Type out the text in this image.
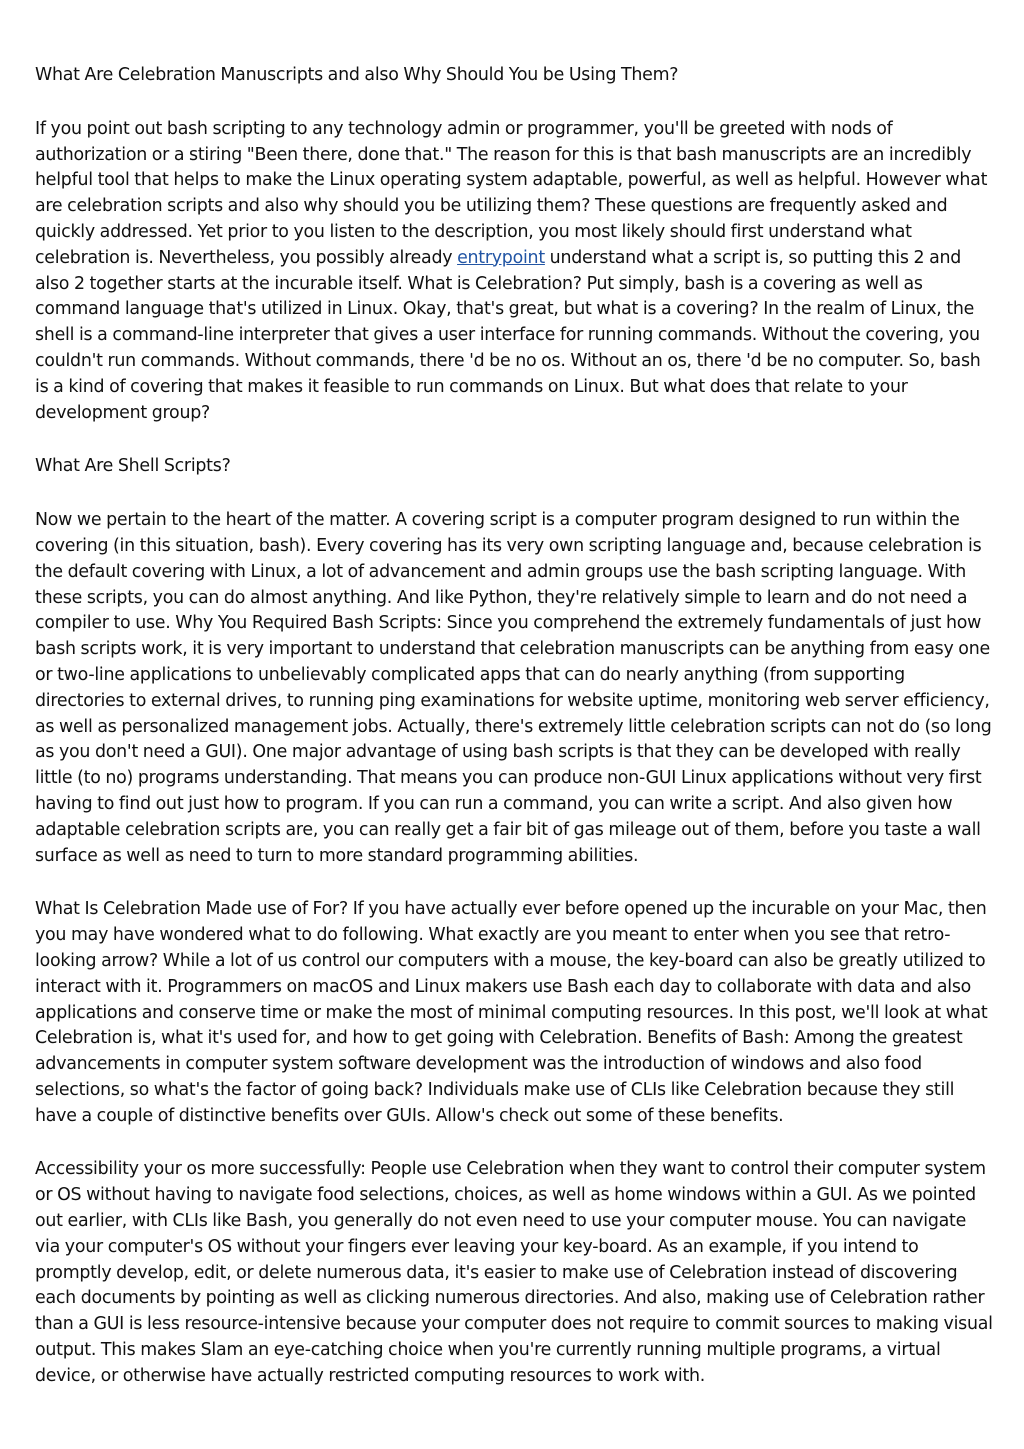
What Are Celebration Manuscripts and also Why Should You be Using Them?

If you point out bash scripting to any technology admin or programmer, you'll be greeted with nods of authorization or a stiring "Been there, done that." The reason for this is that bash manuscripts are an incredibly helpful tool that helps to make the Linux operating system adaptable, powerful, as well as helpful. However what are celebration scripts and also why should you be utilizing them? These questions are frequently asked and quickly addressed. Yet prior to you listen to the description, you most likely should first understand what celebration is. Nevertheless, you possibly already entrypoint understand what a script is, so putting this 2 and also 2 together starts at the incurable itself. What is Celebration? Put simply, bash is a covering as well as command language that's utilized in Linux. Okay, that's great, but what is a covering? In the realm of Linux, the shell is a command-line interpreter that gives a user interface for running commands. Without the covering, you couldn't run commands. Without commands, there 'd be no os. Without an os, there 'd be no computer. So, bash is a kind of covering that makes it feasible to run commands on Linux. But what does that relate to your development group?

What Are Shell Scripts?

Now we pertain to the heart of the matter. A covering script is a computer program designed to run within the covering (in this situation, bash). Every covering has its very own scripting language and, because celebration is the default covering with Linux, a lot of advancement and admin groups use the bash scripting language. With these scripts, you can do almost anything. And like Python, they're relatively simple to learn and do not need a compiler to use. Why You Required Bash Scripts: Since you comprehend the extremely fundamentals of just how bash scripts work, it is very important to understand that celebration manuscripts can be anything from easy one or two-line applications to unbelievably complicated apps that can do nearly anything (from supporting directories to external drives, to running ping examinations for website uptime, monitoring web server efficiency, as well as personalized management jobs. Actually, there's extremely little celebration scripts can not do (so long as you don't need a GUI). One major advantage of using bash scripts is that they can be developed with really little (to no) programs understanding. That means you can produce non-GUI Linux applications without very first having to find out just how to program. If you can run a command, you can write a script. And also given how adaptable celebration scripts are, you can really get a fair bit of gas mileage out of them, before you taste a wall surface as well as need to turn to more standard programming abilities.

What Is Celebration Made use of For? If you have actually ever before opened up the incurable on your Mac, then you may have wondered what to do following. What exactly are you meant to enter when you see that retro-looking arrow? While a lot of us control our computers with a mouse, the key-board can also be greatly utilized to interact with it. Programmers on macOS and Linux makers use Bash each day to collaborate with data and also applications and conserve time or make the most of minimal computing resources. In this post, we'll look at what Celebration is, what it's used for, and how to get going with Celebration. Benefits of Bash: Among the greatest advancements in computer system software development was the introduction of windows and also food selections, so what's the factor of going back? Individuals make use of CLIs like Celebration because they still have a couple of distinctive benefits over GUIs. Allow's check out some of these benefits.

Accessibility your os more successfully: People use Celebration when they want to control their computer system or OS without having to navigate food selections, choices, as well as home windows within a GUI. As we pointed out earlier, with CLIs like Bash, you generally do not even need to use your computer mouse. You can navigate via your computer's OS without your fingers ever leaving your key-board. As an example, if you intend to promptly develop, edit, or delete numerous data, it's easier to make use of Celebration instead of discovering each documents by pointing as well as clicking numerous directories. And also, making use of Celebration rather than a GUI is less resource-intensive because your computer does not require to commit sources to making visual output. This makes Slam an eye-catching choice when you're currently running multiple programs, a virtual device, or otherwise have actually restricted computing resources to work with.
